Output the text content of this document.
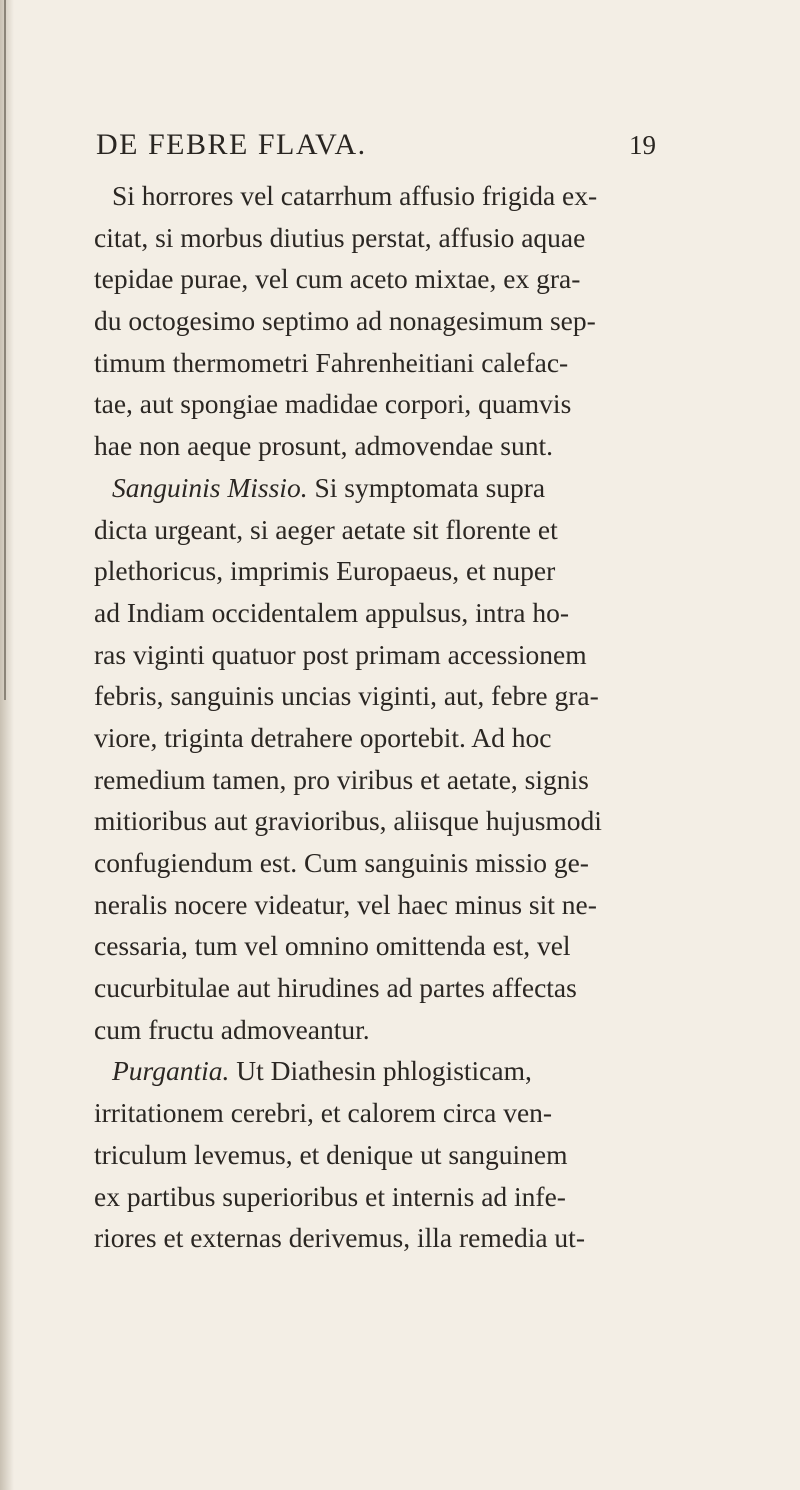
DE FEBRE FLAVA.	19
Si horrores vel catarrhum affusio frigida ex-
citat, si morbus diutius perstat, affusio aquae
tepidae purae, vel cum aceto mixtae, ex gra-
du octogesimo septimo ad nonagesimum sep-
timum thermometri Fahrenheitiani calefac-
tae, aut spongiae madidae corpori, quamvis
hae non aeque prosunt, admovendae sunt.
Sanguinis Missio. Si symptomata supra
dicta urgeant, si aeger aetate sit florente et
plethoricus, imprimis Europaeus, et nuper
ad Indiam occidentalem appulsus, intra ho-
ras viginti quatuor post primam accessionem
febris, sanguinis uncias viginti, aut, febre gra-
viore, triginta detrahere oportebit. Ad hoc
remedium tamen, pro viribus et aetate, signis
mitioribus aut gravioribus, aliisque hujusmodi
confugiendum est. Cum sanguinis missio ge-
neralis nocere videatur, vel haec minus sit ne-
cessaria, tum vel omnino omittenda est, vel
cucurbitulae aut hirudines ad partes affectas
cum fructu admoveantur.
Purgantia. Ut Diathesin phlogisticam,
irritationem cerebri, et calorem circa ven-
triculum levemus, et denique ut sanguinem
ex partibus superioribus et internis ad infe-
riores et externas derivemus, illa remedia ut-
